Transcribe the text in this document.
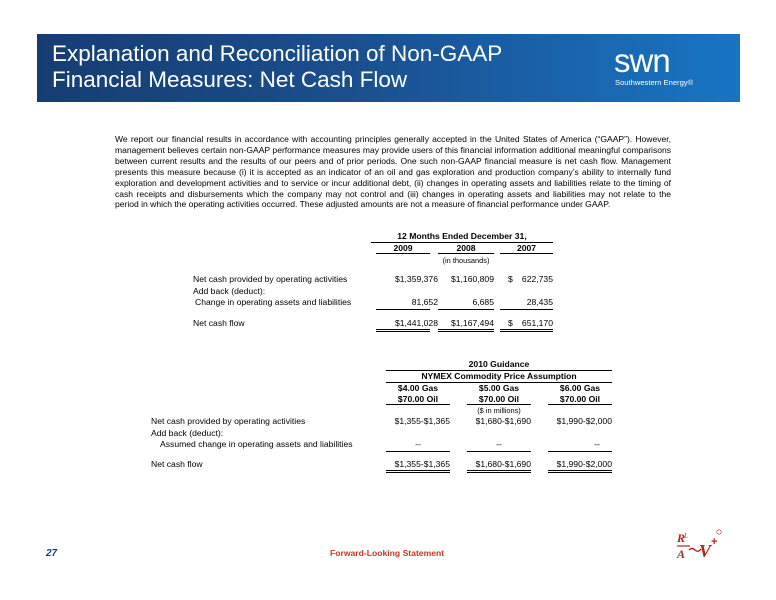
Explanation and Reconciliation of Non-GAAP
Financial Measures: Net Cash Flow
swn
Southwestern Energy®

We report our financial results in accordance with accounting principles generally accepted in the United States of America (“GAAP”). However, management believes certain non-GAAP performance measures may provide users of this financial information additional meaningful comparisons between current results and the results of our peers and of prior periods. One such non-GAAP financial measure is net cash flow. Management presents this measure because (i) it is accepted as an indicator of an oil and gas exploration and production company’s ability to internally fund exploration and development activities and to service or incur additional debt, (ii) changes in operating assets and liabilities relate to the timing of cash receipts and disbursements which the company may not control and (iii) changes in operating assets and liabilities may not relate to the period in which the operating activities occurred. These adjusted amounts are not a measure of financial performance under GAAP.

12 Months Ended December 31,
2009	2008	2007
(in thousands)
Net cash provided by operating activities	$1,359,376	$1,160,809 $	622,735
Add back (deduct):
Change in operating assets and liabilities	81,652	6,685	28,435
Net cash flow	$1,441,028	$1,167,494 $	651,170
2010 Guidance
NYMEX Commodity Price Assumption
$4.00 Gas	$5.00 Gas	$6.00 Gas
$70.00 Oil	$70.00 Oil	$70.00 Oil
($ in millions)
Net cash provided by operating activities	$1,355-$1,365	$1,680-$1,690	$1,990-$2,000
Add back (deduct):
Assumed change in operating assets and liabilities	--	--	--
Net cash flow	$1,355-$1,365	$1,680-$1,690	$1,990-$2,000
27	Forward-Looking Statement
R
L
A V +
